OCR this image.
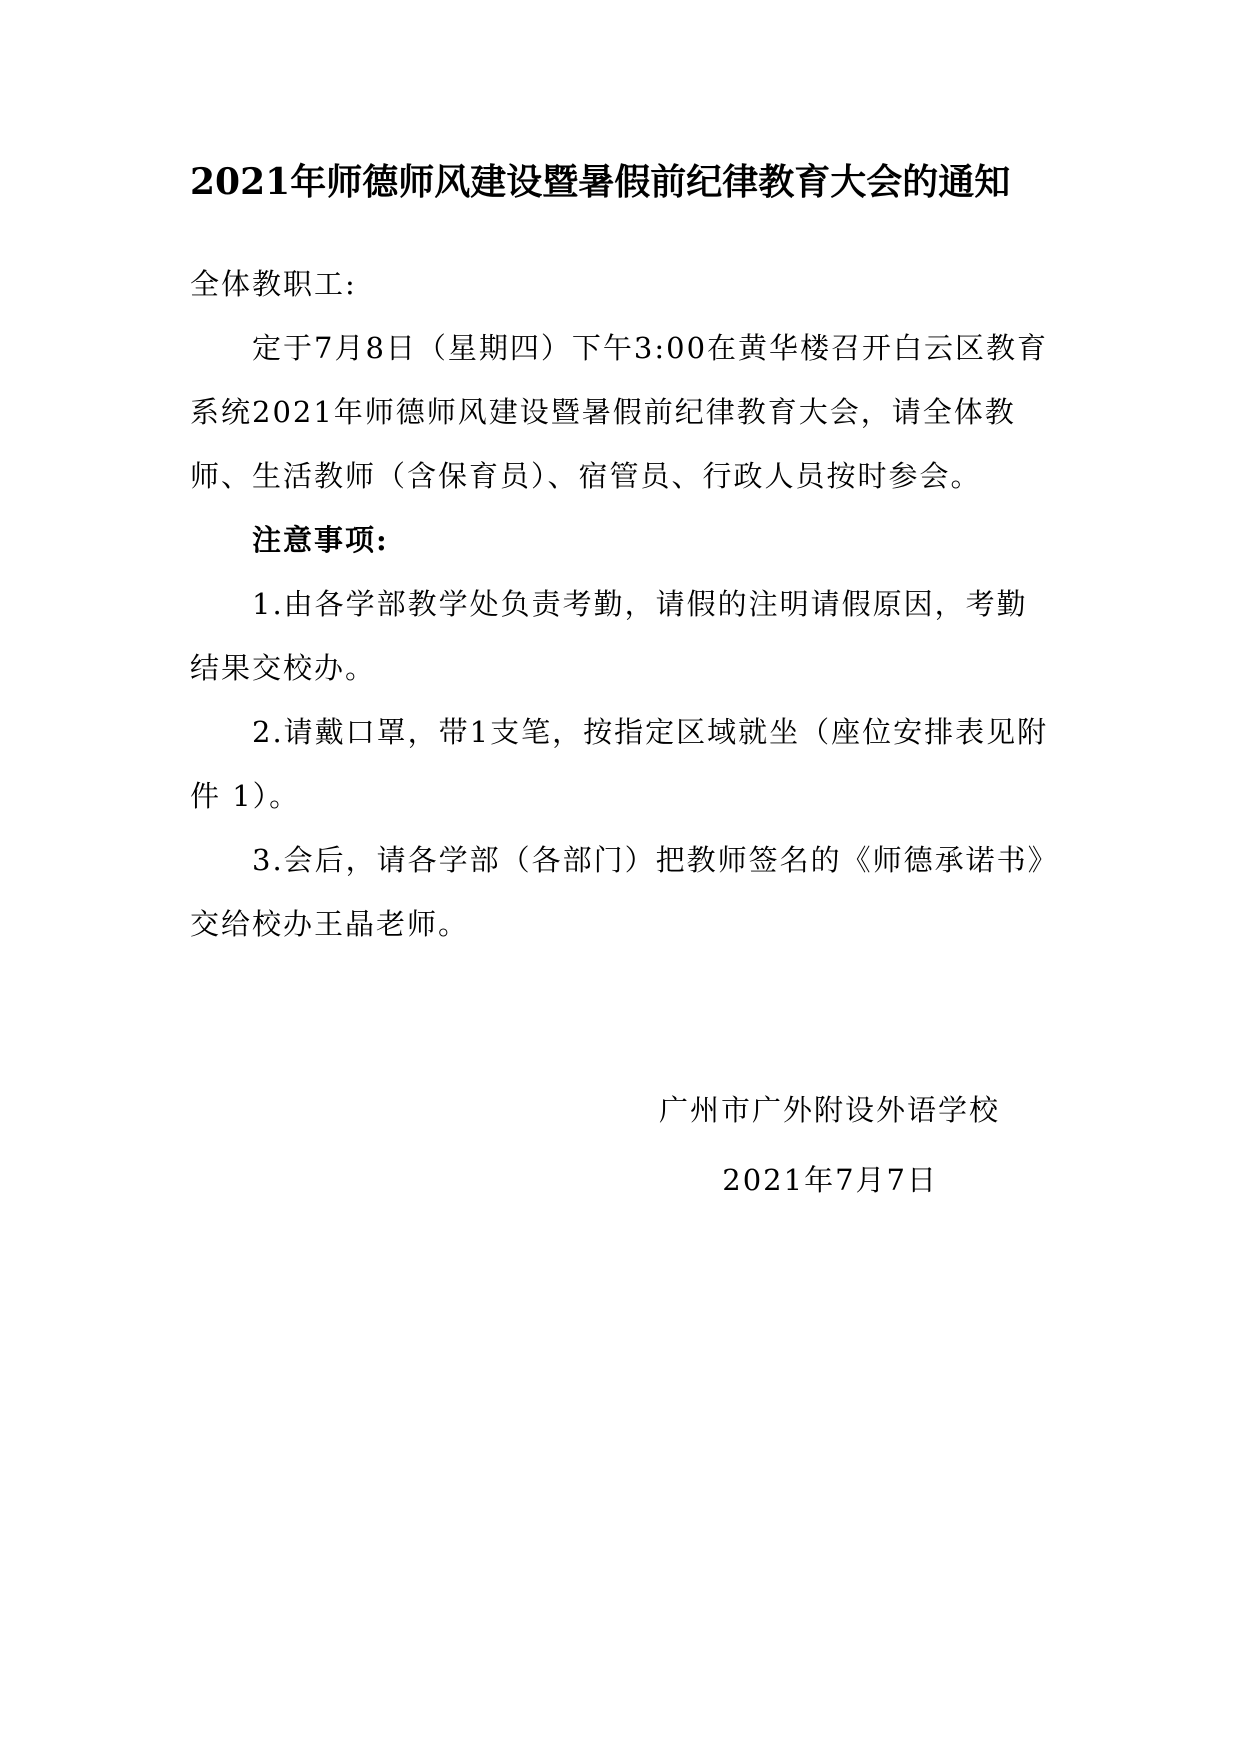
2021年师德师风建设暨暑假前纪律教育大会的通知

全体教职工:

定于7月8日（星期四）下午3:00在黄华楼召开白云区教育系统2021年师德师风建设暨暑假前纪律教育大会，请全体教师、生活教师（含保育员）、宿管员、行政人员按时参会。

注意事项:

1.由各学部教学处负责考勤，请假的注明请假原因，考勤结果交校办。

2.请戴口罩，带1支笔，按指定区域就坐（座位安排表见附件 1）。

3.会后，请各学部（各部门）把教师签名的《师德承诺书》交给校办王晶老师。

广州市广外附设外语学校

2021年7月7日
